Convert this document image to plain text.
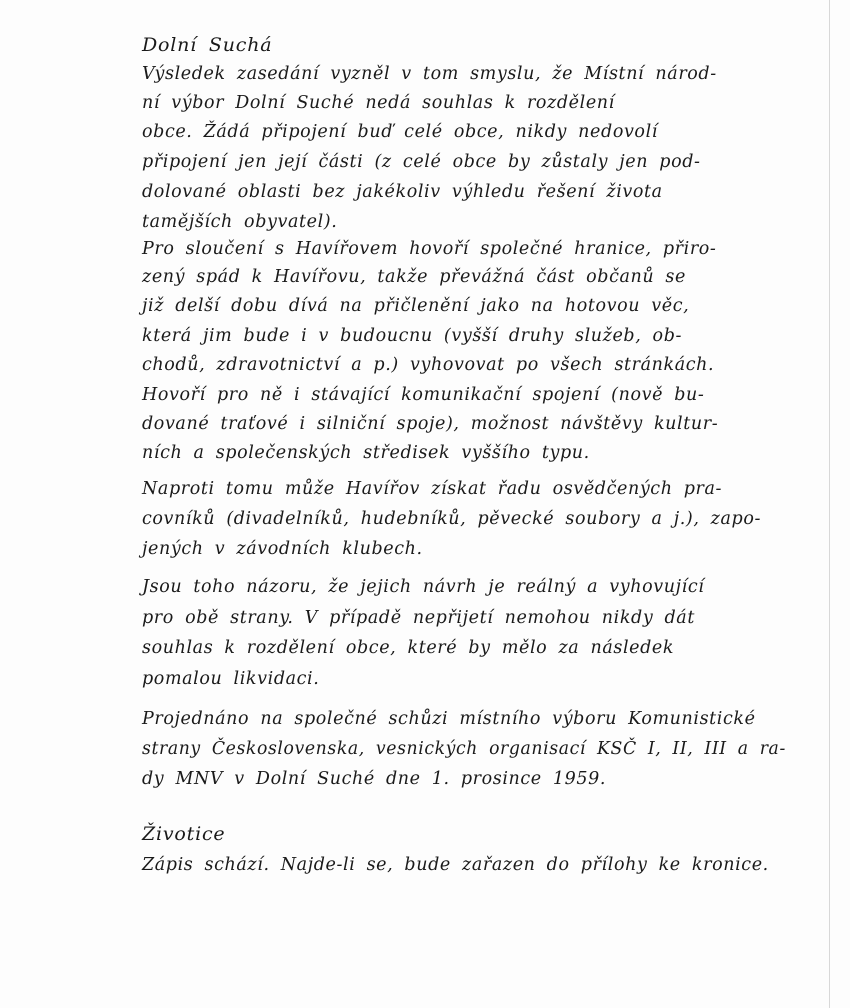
Dolní Suchá
Výsledek zasedání vyzněl v tom smyslu, že Místní národ-
ní výbor Dolní Suché nedá souhlas k rozdělení
obce. Žádá připojení buď celé obce, nikdy nedovolí
připojení jen její části (z celé obce by zůstaly jen pod-
dolované oblasti bez jakékoliv výhledu řešení života
tamějších obyvatel).
Pro sloučení s Havířovem hovoří společné hranice, přiro-
zený spád k Havířovu, takže převážná část občanů se
již delší dobu dívá na přičlenění jako na hotovou věc,
která jim bude i v budoucnu (vyšší druhy služeb, ob-
chodů, zdravotnictví a p.) vyhovovat po všech stránkách.
Hovoří pro ně i stávající komunikační spojení (nově bu-
dované traťové i silniční spoje), možnost návštěvy kultur-
ních a společenských středisek vyššího typu.
Naproti tomu může Havířov získat řadu osvědčených pra-
covníků (divadelníků, hudebníků, pěvecké soubory a j.), zapo-
jených v závodních klubech.
Jsou toho názoru, že jejich návrh je reálný a vyhovující
pro obě strany. V případě nepřijetí nemohou nikdy dát
souhlas k rozdělení obce, které by mělo za následek
pomalou likvidaci.
Projednáno na společné schůzi místního výboru Komunistické
strany Československa, vesnických organisací KSČ I, II, III a ra-
dy MNV v Dolní Suché dne 1. prosince 1959.
Životice
Zápis schází. Najde-li se, bude zařazen do přílohy ke kronice.
